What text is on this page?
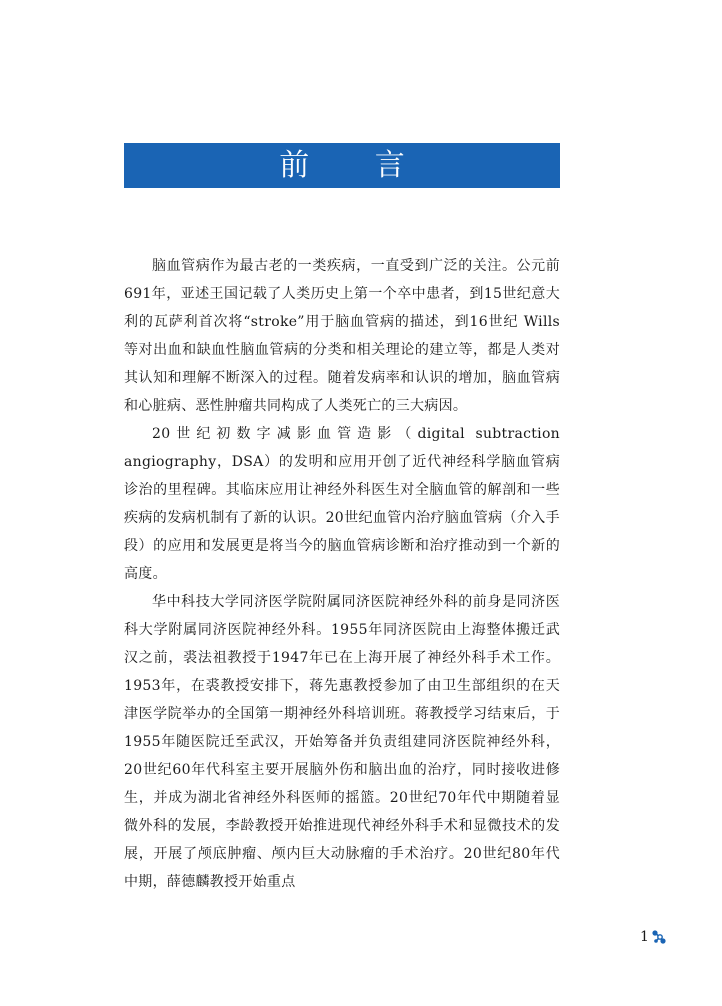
前 言

脑血管病作为最古老的一类疾病，一直受到广泛的关注。公元前691年，亚述王国记载了人类历史上第一个卒中患者，到15世纪意大利的瓦萨利首次将“stroke”用于脑血管病的描述，到16世纪 Wills 等对出血和缺血性脑血管病的分类和相关理论的建立等，都是人类对其认知和理解不断深入的过程。随着发病率和认识的增加，脑血管病和心脏病、恶性肿瘤共同构成了人类死亡的三大病因。

20世纪初数字减影血管造影（digital subtraction angiography，DSA）的发明和应用开创了近代神经科学脑血管病诊治的里程碑。其临床应用让神经外科医生对全脑血管的解剖和一些疾病的发病机制有了新的认识。20世纪血管内治疗脑血管病（介入手段）的应用和发展更是将当今的脑血管病诊断和治疗推动到一个新的高度。

华中科技大学同济医学院附属同济医院神经外科的前身是同济医科大学附属同济医院神经外科。1955年同济医院由上海整体搬迁武汉之前，裘法祖教授于1947年已在上海开展了神经外科手术工作。1953年，在裘教授安排下，蒋先惠教授参加了由卫生部组织的在天津医学院举办的全国第一期神经外科培训班。蒋教授学习结束后，于1955年随医院迁至武汉，开始筹备并负责组建同济医院神经外科，20世纪60年代科室主要开展脑外伤和脑出血的治疗，同时接收进修生，并成为湖北省神经外科医师的摇篮。20世纪70年代中期随着显微外科的发展，李龄教授开始推进现代神经外科手术和显微技术的发展，开展了颅底肿瘤、颅内巨大动脉瘤的手术治疗。20世纪80年代中期，薛德麟教授开始重点

1
